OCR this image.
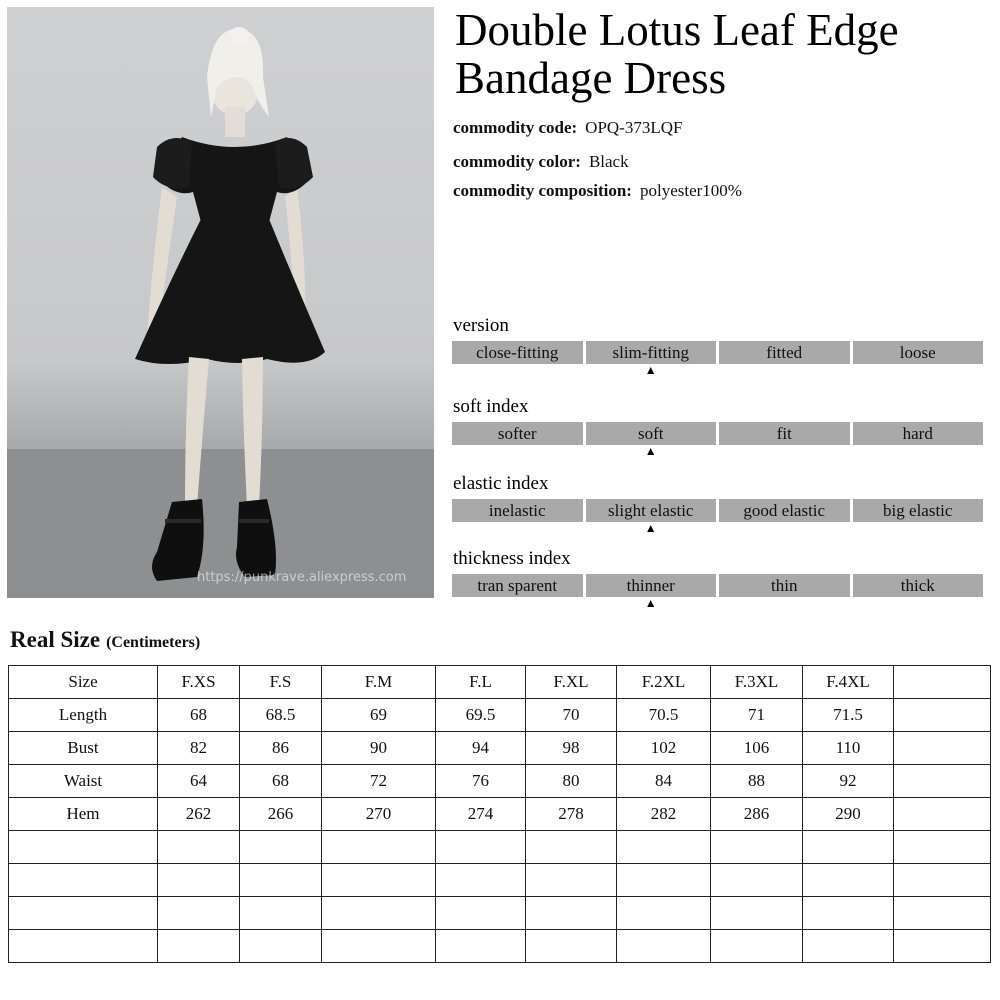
https://punkrave.aliexpress.com
Double Lotus Leaf Edge Bandage Dress
commodity code: OPQ-373LQF
commodity color: Black
commodity composition: polyester100%
version
close-fitting	slim-fitting
▲
fitted	loose
soft index
softer	soft
▲
fit	hard
elastic index
inelastic	slight elastic
▲
good elastic	big elastic
thickness index
tran sparent	thinner
▲
thin	thick
Real Size (Centimeters)
Size	F.XS	F.S	F.M	F.L	F.XL	F.2XL	F.3XL	F.4XL	
Length	68	68.5	69	69.5	70	70.5	71	71.5	
Bust	82	86	90	94	98	102	106	110	
Waist	64	68	72	76	80	84	88	92	
Hem	262	266	270	274	278	282	286	290	
